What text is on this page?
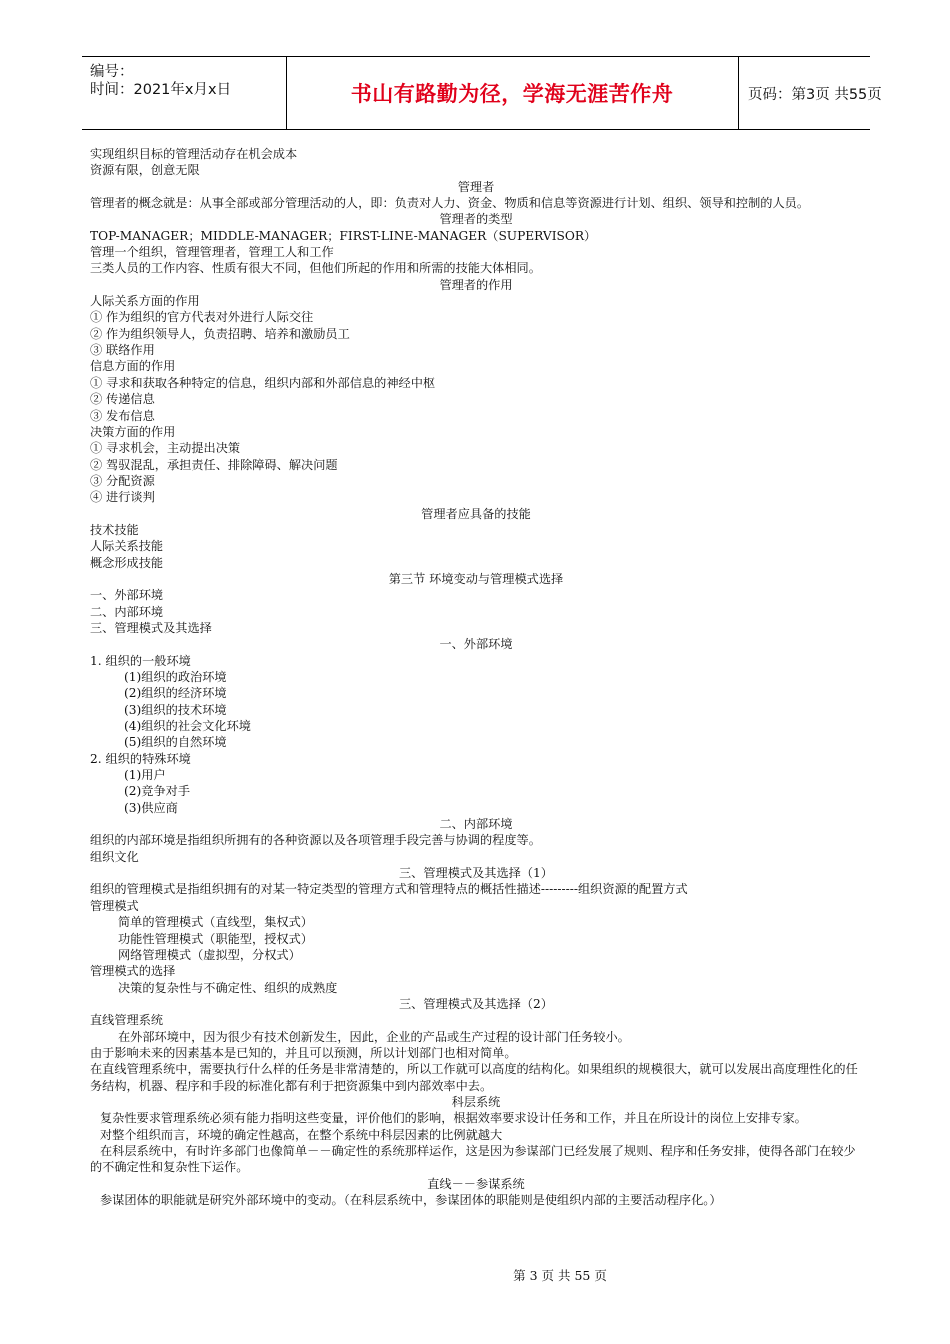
编号：
时间：2021年x月x日	书山有路勤为径，学海无涯苦作舟	页码：第3页 共55页

实现组织目标的管理活动存在机会成本

资源有限，创意无限

管理者

管理者的概念就是：从事全部或部分管理活动的人，即：负责对人力、资金、物质和信息等资源进行计划、组织、领导和控制的人员。

管理者的类型

TOP-MANAGER；MIDDLE-MANAGER；FIRST-LINE-MANAGER（SUPERVISOR）

管理一个组织，管理管理者，管理工人和工作

三类人员的工作内容、性质有很大不同，但他们所起的作用和所需的技能大体相同。

管理者的作用

人际关系方面的作用

① 作为组织的官方代表对外进行人际交往

② 作为组织领导人，负责招聘、培养和激励员工

③ 联络作用

信息方面的作用

① 寻求和获取各种特定的信息，组织内部和外部信息的神经中枢

② 传递信息

③ 发布信息

决策方面的作用

① 寻求机会，主动提出决策

② 驾驭混乱，承担责任、排除障碍、解决问题

③ 分配资源

④ 进行谈判

管理者应具备的技能

技术技能

人际关系技能

概念形成技能

第三节 环境变动与管理模式选择

一、外部环境

二、内部环境

三、管理模式及其选择

一、外部环境

1. 组织的一般环境

(1)组织的政治环境

(2)组织的经济环境

(3)组织的技术环境

(4)组织的社会文化环境

(5)组织的自然环境

2. 组织的特殊环境

(1)用户

(2)竞争对手

(3)供应商

二、内部环境

组织的内部环境是指组织所拥有的各种资源以及各项管理手段完善与协调的程度等。

组织文化

三、管理模式及其选择（1）

组织的管理模式是指组织拥有的对某一特定类型的管理方式和管理特点的概括性描述---------组织资源的配置方式

管理模式

简单的管理模式（直线型，集权式）

功能性管理模式（职能型，授权式）

网络管理模式（虚拟型，分权式）

管理模式的选择

决策的复杂性与不确定性、组织的成熟度

三、管理模式及其选择（2）

直线管理系统

在外部环境中，因为很少有技术创新发生，因此，企业的产品或生产过程的设计部门任务较小。

由于影响未来的因素基本是已知的，并且可以预测，所以计划部门也相对简单。

在直线管理系统中，需要执行什么样的任务是非常清楚的，所以工作就可以高度的结构化。如果组织的规模很大，就可以发展出高度理性化的任务结构，机器、程序和手段的标准化都有利于把资源集中到内部效率中去。

科层系统

复杂性要求管理系统必须有能力指明这些变量，评价他们的影响，根据效率要求设计任务和工作，并且在所设计的岗位上安排专家。

对整个组织而言，环境的确定性越高，在整个系统中科层因素的比例就越大

在科层系统中，有时许多部门也像简单－－确定性的系统那样运作，这是因为参谋部门已经发展了规则、程序和任务安排，使得各部门在较少的不确定性和复杂性下运作。

直线－－参谋系统

参谋团体的职能就是研究外部环境中的变动。（在科层系统中，参谋团体的职能则是使组织内部的主要活动程序化。）

第 3 页 共 55 页
